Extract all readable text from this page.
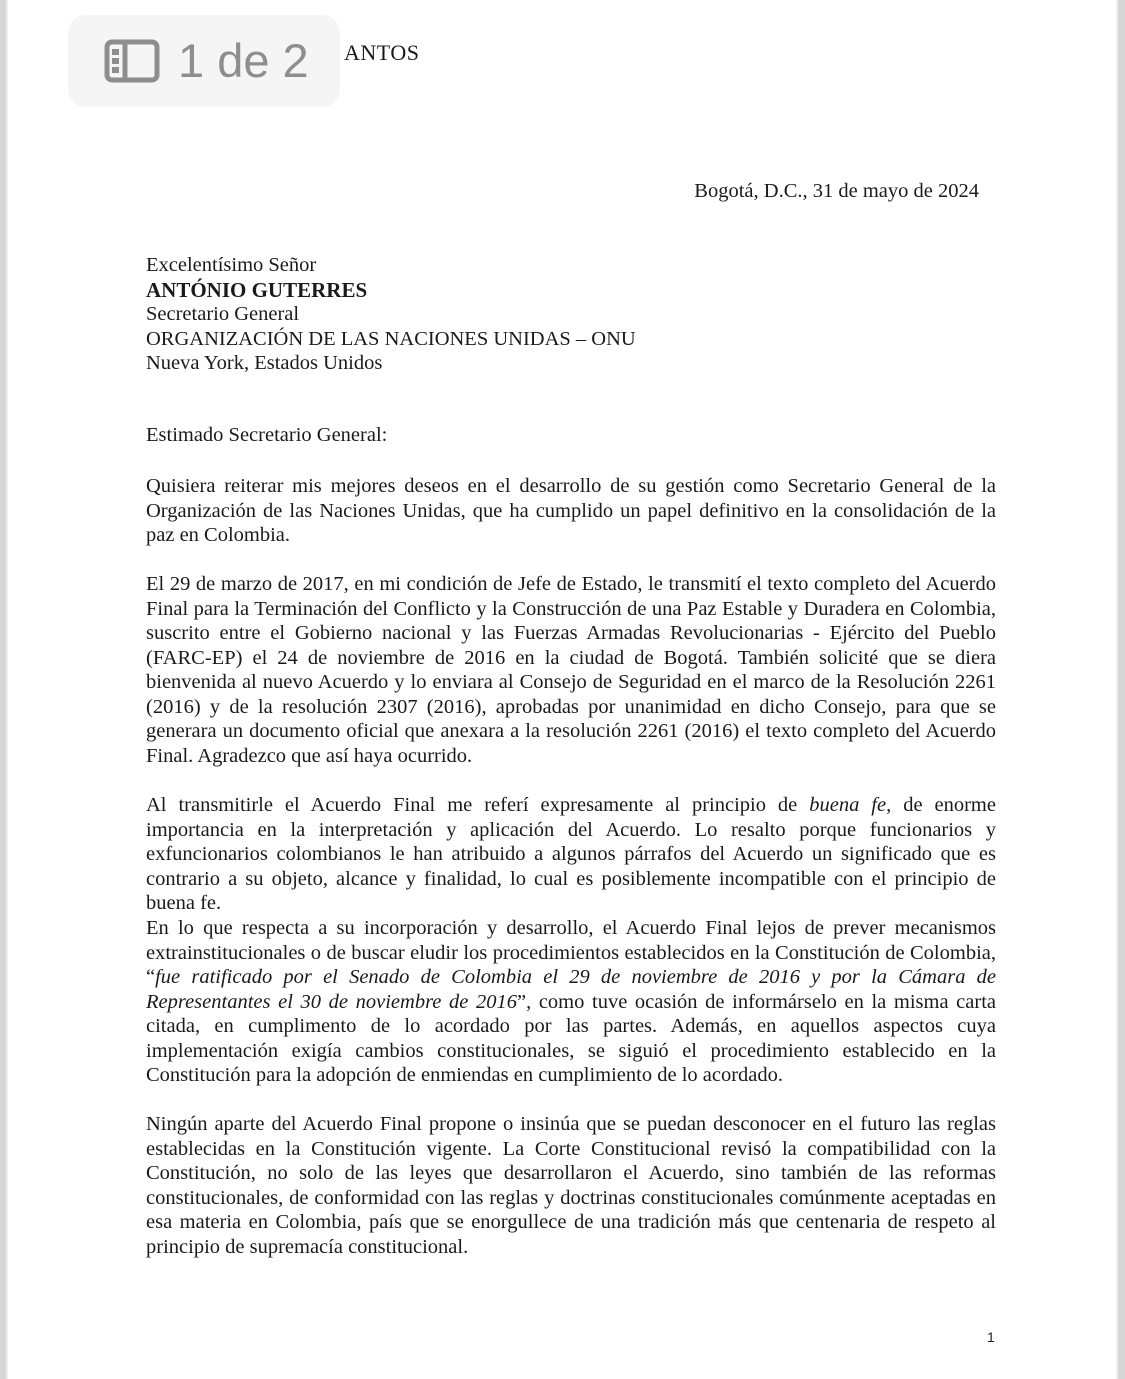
1 de 2 ANTOS
Bogotá, D.C., 31 de mayo de 2024
Excelentísimo Señor
ANTÓNIO GUTERRES
Secretario General
ORGANIZACIÓN DE LAS NACIONES UNIDAS – ONU
Nueva York, Estados Unidos
Estimado Secretario General:

Quisiera reiterar mis mejores deseos en el desarrollo de su gestión como Secretario General de la Organización de las Naciones Unidas, que ha cumplido un papel definitivo en la consolidación de la paz en Colombia.

El 29 de marzo de 2017, en mi condición de Jefe de Estado, le transmití el texto completo del Acuerdo Final para la Terminación del Conflicto y la Construcción de una Paz Estable y Duradera en Colombia, suscrito entre el Gobierno nacional y las Fuerzas Armadas Revolucionarias - Ejército del Pueblo (FARC-EP) el 24 de noviembre de 2016 en la ciudad de Bogotá. También solicité que se diera bienvenida al nuevo Acuerdo y lo enviara al Consejo de Seguridad en el marco de la Resolución 2261 (2016) y de la resolución 2307 (2016), aprobadas por unanimidad en dicho Consejo, para que se generara un documento oficial que anexara a la resolución 2261 (2016) el texto completo del Acuerdo Final. Agradezco que así haya ocurrido.

Al transmitirle el Acuerdo Final me referí expresamente al principio de buena fe, de enorme importancia en la interpretación y aplicación del Acuerdo. Lo resalto porque funcionarios y exfuncionarios colombianos le han atribuido a algunos párrafos del Acuerdo un significado que es contrario a su objeto, alcance y finalidad, lo cual es posiblemente incompatible con el principio de buena fe.

En lo que respecta a su incorporación y desarrollo, el Acuerdo Final lejos de prever mecanismos extrainstitucionales o de buscar eludir los procedimientos establecidos en la Constitución de Colombia, “fue ratificado por el Senado de Colombia el 29 de noviembre de 2016 y por la Cámara de Representantes el 30 de noviembre de 2016”, como tuve ocasión de informárselo en la misma carta citada, en cumplimento de lo acordado por las partes. Además, en aquellos aspectos cuya implementación exigía cambios constitucionales, se siguió el procedimiento establecido en la Constitución para la adopción de enmiendas en cumplimiento de lo acordado.

Ningún aparte del Acuerdo Final propone o insinúa que se puedan desconocer en el futuro las reglas establecidas en la Constitución vigente. La Corte Constitucional revisó la compatibilidad con la Constitución, no solo de las leyes que desarrollaron el Acuerdo, sino también de las reformas constitucionales, de conformidad con las reglas y doctrinas constitucionales comúnmente aceptadas en esa materia en Colombia, país que se enorgullece de una tradición más que centenaria de respeto al principio de supremacía constitucional.

1
